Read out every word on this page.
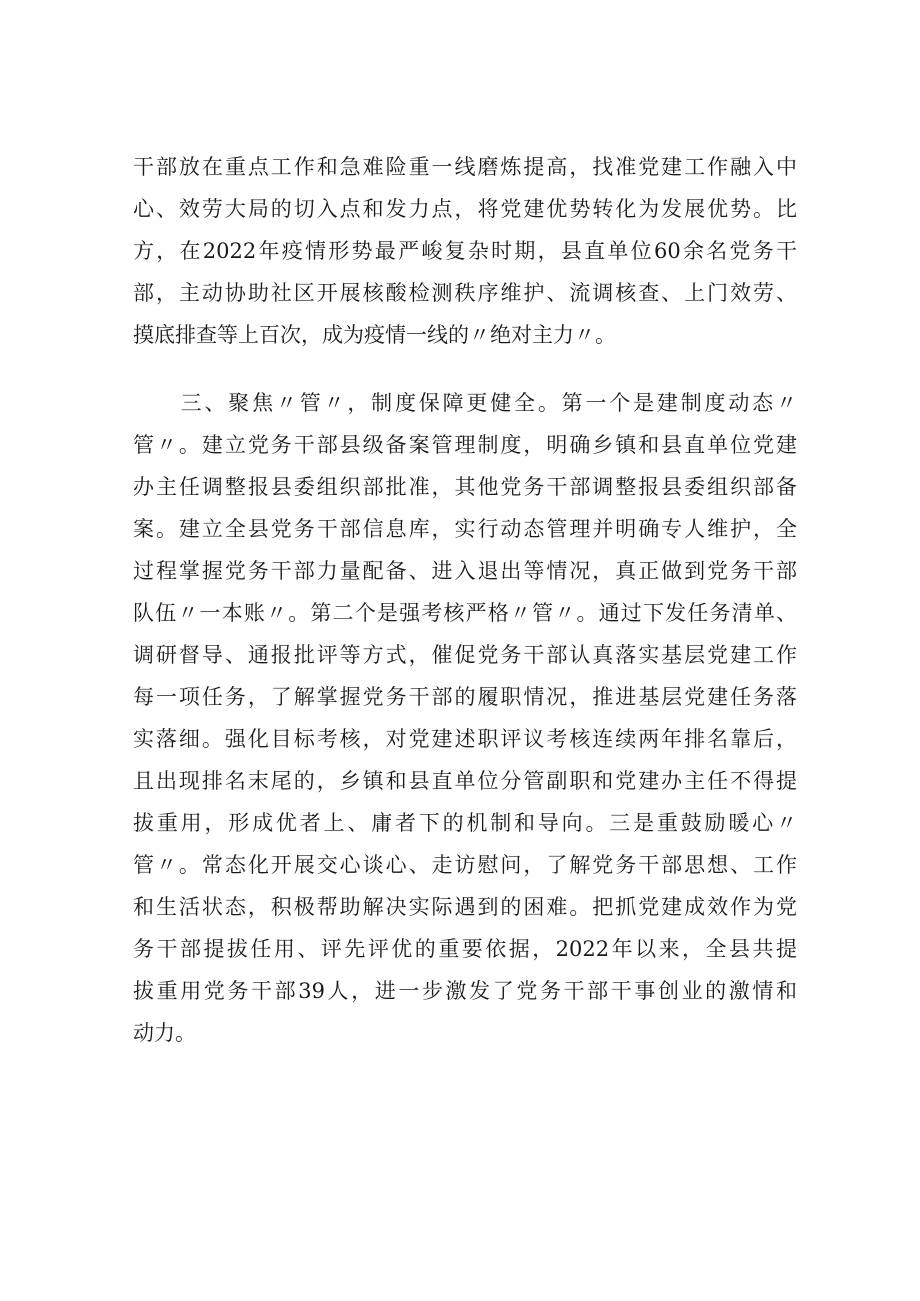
干部放在重点工作和急难险重一线磨炼提高，找准党建工作融入中
心、效劳大局的切入点和发力点，将党建优势转化为发展优势。比
方，在2022年疫情形势最严峻复杂时期，县直单位60余名党务干
部，主动协助社区开展核酸检测秩序维护、流调核查、上门效劳、
摸底排查等上百次，成为疫情一线的〃绝对主力〃。
　　三、聚焦〃管〃，制度保障更健全。第一个是建制度动态〃
管〃。建立党务干部县级备案管理制度，明确乡镇和县直单位党建
办主任调整报县委组织部批准，其他党务干部调整报县委组织部备
案。建立全县党务干部信息库，实行动态管理并明确专人维护，全
过程掌握党务干部力量配备、进入退出等情况，真正做到党务干部
队伍〃一本账〃。第二个是强考核严格〃管〃。通过下发任务清单、
调研督导、通报批评等方式，催促党务干部认真落实基层党建工作
每一项任务，了解掌握党务干部的履职情况，推进基层党建任务落
实落细。强化目标考核，对党建述职评议考核连续两年排名靠后，
且出现排名末尾的，乡镇和县直单位分管副职和党建办主任不得提
拔重用，形成优者上、庸者下的机制和导向。三是重鼓励暖心〃
管〃。常态化开展交心谈心、走访慰问，了解党务干部思想、工作
和生活状态，积极帮助解决实际遇到的困难。把抓党建成效作为党
务干部提拔任用、评先评优的重要依据，2022年以来，全县共提
拔重用党务干部39人，进一步激发了党务干部干事创业的激情和
动力。
